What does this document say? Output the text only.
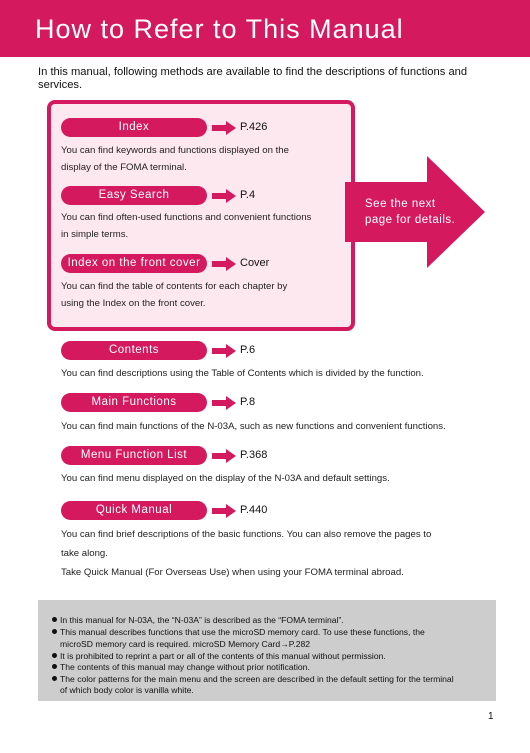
How to Refer to This Manual
In this manual, following methods are available to find the descriptions of functions and services.
See the next
page for details.
Index	P.426
You can find keywords and functions displayed on the
display of the FOMA terminal.
Easy Search	P.4
You can find often-used functions and convenient functions
in simple terms.
Index on the front cover	Cover
You can find the table of contents for each chapter by
using the Index on the front cover.
Contents	P.6
You can find descriptions using the Table of Contents which is divided by the function.
Main Functions	P.8
You can find main functions of the N-03A, such as new functions and convenient functions.
Menu Function List	P.368
You can find menu displayed on the display of the N-03A and default settings.
Quick Manual	P.440
You can find brief descriptions of the basic functions. You can also remove the pages to
take along.
Take Quick Manual (For Overseas Use) when using your FOMA terminal abroad.
In this manual for N-03A, the “N-03A” is described as the “FOMA terminal”.
This manual describes functions that use the microSD memory card. To use these functions, the
microSD memory card is required. microSD Memory Card→P.282
It is prohibited to reprint a part or all of the contents of this manual without permission.
The contents of this manual may change without prior notification.
The color patterns for the main menu and the screen are described in the default setting for the terminal
of which body color is vanilla white.
1
